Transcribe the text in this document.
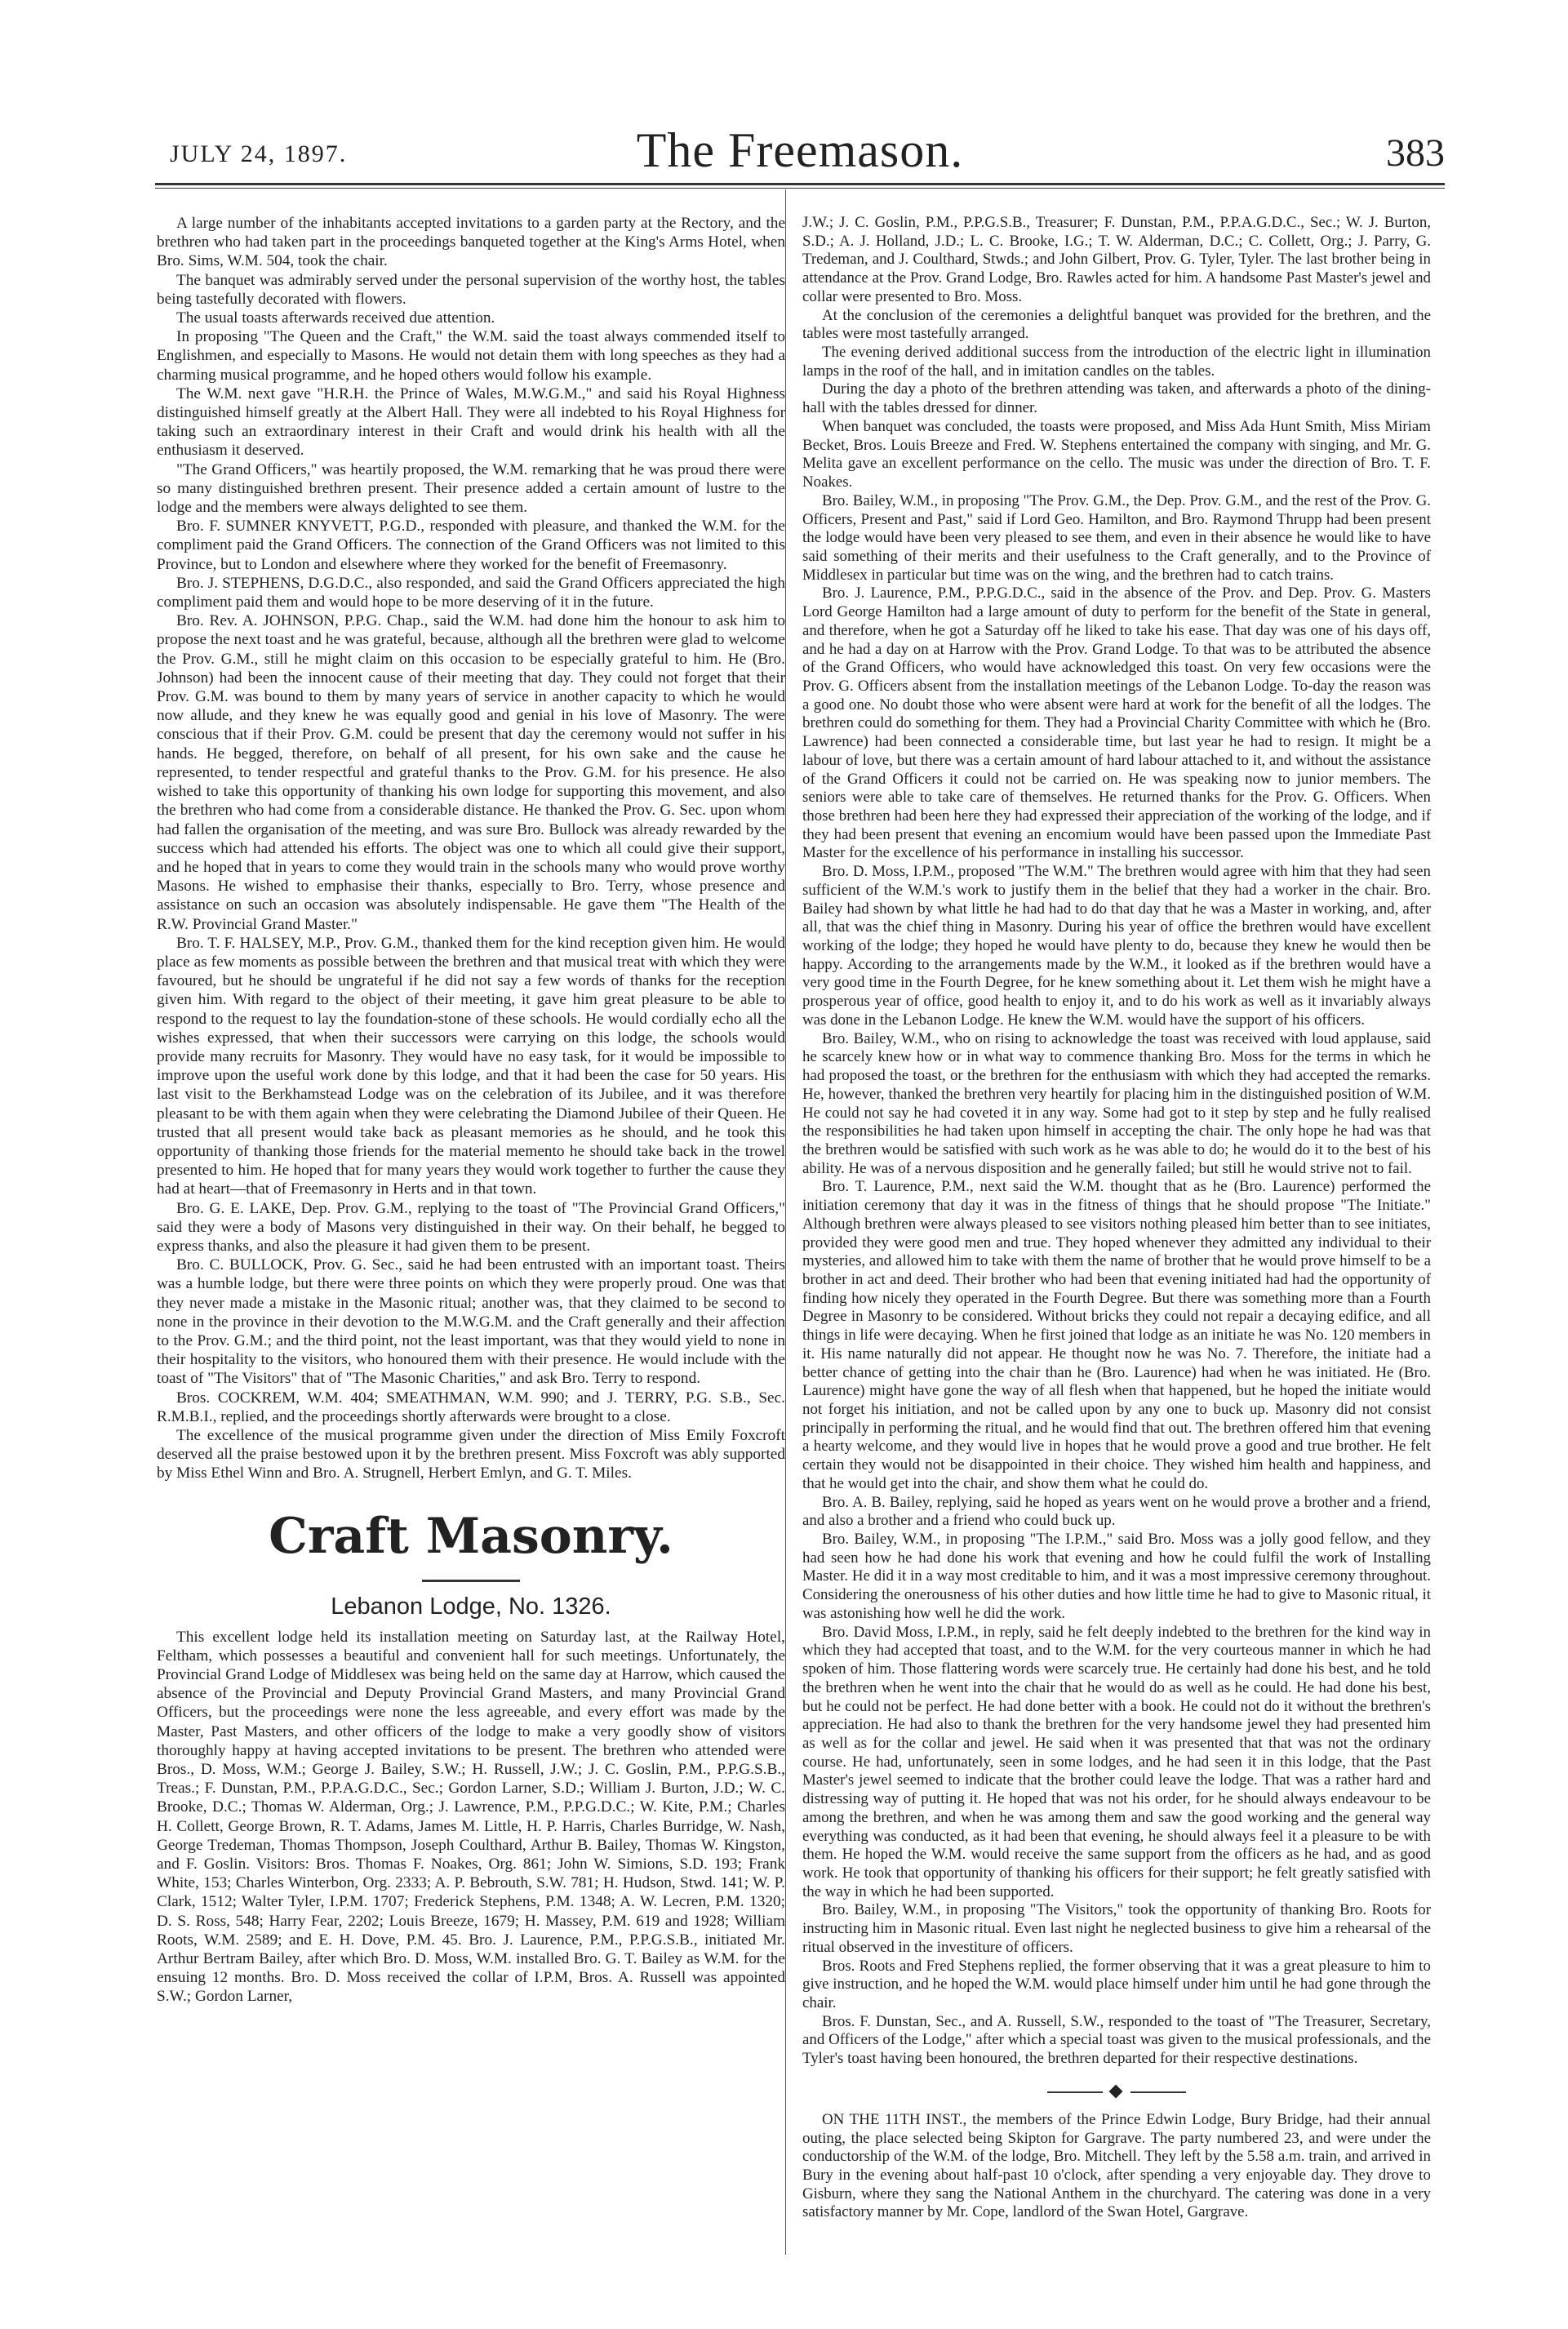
JULY 24, 1897.	The Freemason.	383

A large number of the inhabitants accepted invitations to a garden party at the Rectory, and the brethren who had taken part in the proceedings banqueted together at the King's Arms Hotel, when Bro. Sims, W.M. 504, took the chair.

The banquet was admirably served under the personal supervision of the worthy host, the tables being tastefully decorated with flowers.

The usual toasts afterwards received due attention.

In proposing "The Queen and the Craft," the W.M. said the toast always commended itself to Englishmen, and especially to Masons. He would not detain them with long speeches as they had a charming musical programme, and he hoped others would follow his example.

The W.M. next gave "H.R.H. the Prince of Wales, M.W.G.M.," and said his Royal Highness distinguished himself greatly at the Albert Hall. They were all indebted to his Royal Highness for taking such an extraordinary interest in their Craft and would drink his health with all the enthusiasm it deserved.

"The Grand Officers," was heartily proposed, the W.M. remarking that he was proud there were so many distinguished brethren present. Their presence added a certain amount of lustre to the lodge and the members were always delighted to see them.

Bro. F. SUMNER KNYVETT, P.G.D., responded with pleasure, and thanked the W.M. for the compliment paid the Grand Officers. The connection of the Grand Officers was not limited to this Province, but to London and elsewhere where they worked for the benefit of Freemasonry.

Bro. J. STEPHENS, D.G.D.C., also responded, and said the Grand Officers appreciated the high compliment paid them and would hope to be more deserving of it in the future.

Bro. Rev. A. JOHNSON, P.P.G. Chap., said the W.M. had done him the honour to ask him to propose the next toast and he was grateful, because, although all the brethren were glad to welcome the Prov. G.M., still he might claim on this occasion to be especially grateful to him. He (Bro. Johnson) had been the innocent cause of their meeting that day. They could not forget that their Prov. G.M. was bound to them by many years of service in another capacity to which he would now allude, and they knew he was equally good and genial in his love of Masonry. The were conscious that if their Prov. G.M. could be present that day the ceremony would not suffer in his hands. He begged, therefore, on behalf of all present, for his own sake and the cause he represented, to tender respectful and grateful thanks to the Prov. G.M. for his presence. He also wished to take this opportunity of thanking his own lodge for supporting this movement, and also the brethren who had come from a considerable distance. He thanked the Prov. G. Sec. upon whom had fallen the organisation of the meeting, and was sure Bro. Bullock was already rewarded by the success which had attended his efforts. The object was one to which all could give their support, and he hoped that in years to come they would train in the schools many who would prove worthy Masons. He wished to emphasise their thanks, especially to Bro. Terry, whose presence and assistance on such an occasion was absolutely indispensable. He gave them "The Health of the R.W. Provincial Grand Master."

Bro. T. F. HALSEY, M.P., Prov. G.M., thanked them for the kind reception given him. He would place as few moments as possible between the brethren and that musical treat with which they were favoured, but he should be ungrateful if he did not say a few words of thanks for the reception given him. With regard to the object of their meeting, it gave him great pleasure to be able to respond to the request to lay the foundation-stone of these schools. He would cordially echo all the wishes expressed, that when their successors were carrying on this lodge, the schools would provide many recruits for Masonry. They would have no easy task, for it would be impossible to improve upon the useful work done by this lodge, and that it had been the case for 50 years. His last visit to the Berkhamstead Lodge was on the celebration of its Jubilee, and it was therefore pleasant to be with them again when they were celebrating the Diamond Jubilee of their Queen. He trusted that all present would take back as pleasant memories as he should, and he took this opportunity of thanking those friends for the material memento he should take back in the trowel presented to him. He hoped that for many years they would work together to further the cause they had at heart—that of Freemasonry in Herts and in that town.

Bro. G. E. LAKE, Dep. Prov. G.M., replying to the toast of "The Provincial Grand Officers," said they were a body of Masons very distinguished in their way. On their behalf, he begged to express thanks, and also the pleasure it had given them to be present.

Bro. C. BULLOCK, Prov. G. Sec., said he had been entrusted with an important toast. Theirs was a humble lodge, but there were three points on which they were properly proud. One was that they never made a mistake in the Masonic ritual; another was, that they claimed to be second to none in the province in their devotion to the M.W.G.M. and the Craft generally and their affection to the Prov. G.M.; and the third point, not the least important, was that they would yield to none in their hospitality to the visitors, who honoured them with their presence. He would include with the toast of "The Visitors" that of "The Masonic Charities," and ask Bro. Terry to respond.

Bros. COCKREM, W.M. 404; SMEATHMAN, W.M. 990; and J. TERRY, P.G. S.B., Sec. R.M.B.I., replied, and the proceedings shortly afterwards were brought to a close.

The excellence of the musical programme given under the direction of Miss Emily Foxcroft deserved all the praise bestowed upon it by the brethren present. Miss Foxcroft was ably supported by Miss Ethel Winn and Bro. A. Strugnell, Herbert Emlyn, and G. T. Miles.

Craft Masonry.
Lebanon Lodge, No. 1326.

This excellent lodge held its installation meeting on Saturday last, at the Railway Hotel, Feltham, which possesses a beautiful and convenient hall for such meetings. Unfortunately, the Provincial Grand Lodge of Middlesex was being held on the same day at Harrow, which caused the absence of the Provincial and Deputy Provincial Grand Masters, and many Provincial Grand Officers, but the proceedings were none the less agreeable, and every effort was made by the Master, Past Masters, and other officers of the lodge to make a very goodly show of visitors thoroughly happy at having accepted invitations to be present. The brethren who attended were Bros., D. Moss, W.M.; George J. Bailey, S.W.; H. Russell, J.W.; J. C. Goslin, P.M., P.P.G.S.B., Treas.; F. Dunstan, P.M., P.P.A.G.D.C., Sec.; Gordon Larner, S.D.; William J. Burton, J.D.; W. C. Brooke, D.C.; Thomas W. Alderman, Org.; J. Lawrence, P.M., P.P.G.D.C.; W. Kite, P.M.; Charles H. Collett, George Brown, R. T. Adams, James M. Little, H. P. Harris, Charles Burridge, W. Nash, George Tredeman, Thomas Thompson, Joseph Coulthard, Arthur B. Bailey, Thomas W. Kingston, and F. Goslin. Visitors: Bros. Thomas F. Noakes, Org. 861; John W. Simions, S.D. 193; Frank White, 153; Charles Winterbon, Org. 2333; A. P. Bebrouth, S.W. 781; H. Hudson, Stwd. 141; W. P. Clark, 1512; Walter Tyler, I.P.M. 1707; Frederick Stephens, P.M. 1348; A. W. Lecren, P.M. 1320; D. S. Ross, 548; Harry Fear, 2202; Louis Breeze, 1679; H. Massey, P.M. 619 and 1928; William Roots, W.M. 2589; and E. H. Dove, P.M. 45. Bro. J. Laurence, P.M., P.P.G.S.B., initiated Mr. Arthur Bertram Bailey, after which Bro. D. Moss, W.M. installed Bro. G. T. Bailey as W.M. for the ensuing 12 months. Bro. D. Moss received the collar of I.P.M, Bros. A. Russell was appointed S.W.; Gordon Larner,

J.W.; J. C. Goslin, P.M., P.P.G.S.B., Treasurer; F. Dunstan, P.M., P.P.A.G.D.C., Sec.; W. J. Burton, S.D.; A. J. Holland, J.D.; L. C. Brooke, I.G.; T. W. Alderman, D.C.; C. Collett, Org.; J. Parry, G. Tredeman, and J. Coulthard, Stwds.; and John Gilbert, Prov. G. Tyler, Tyler. The last brother being in attendance at the Prov. Grand Lodge, Bro. Rawles acted for him. A handsome Past Master's jewel and collar were presented to Bro. Moss.

At the conclusion of the ceremonies a delightful banquet was provided for the brethren, and the tables were most tastefully arranged.

The evening derived additional success from the introduction of the electric light in illumination lamps in the roof of the hall, and in imitation candles on the tables.

During the day a photo of the brethren attending was taken, and afterwards a photo of the dining-hall with the tables dressed for dinner.

When banquet was concluded, the toasts were proposed, and Miss Ada Hunt Smith, Miss Miriam Becket, Bros. Louis Breeze and Fred. W. Stephens entertained the company with singing, and Mr. G. Melita gave an excellent performance on the cello. The music was under the direction of Bro. T. F. Noakes.

Bro. Bailey, W.M., in proposing "The Prov. G.M., the Dep. Prov. G.M., and the rest of the Prov. G. Officers, Present and Past," said if Lord Geo. Hamilton, and Bro. Raymond Thrupp had been present the lodge would have been very pleased to see them, and even in their absence he would like to have said something of their merits and their usefulness to the Craft generally, and to the Province of Middlesex in particular but time was on the wing, and the brethren had to catch trains.

Bro. J. Laurence, P.M., P.P.G.D.C., said in the absence of the Prov. and Dep. Prov. G. Masters Lord George Hamilton had a large amount of duty to perform for the benefit of the State in general, and therefore, when he got a Saturday off he liked to take his ease. That day was one of his days off, and he had a day on at Harrow with the Prov. Grand Lodge. To that was to be attributed the absence of the Grand Officers, who would have acknowledged this toast. On very few occasions were the Prov. G. Officers absent from the installation meetings of the Lebanon Lodge. To-day the reason was a good one. No doubt those who were absent were hard at work for the benefit of all the lodges. The brethren could do something for them. They had a Provincial Charity Committee with which he (Bro. Lawrence) had been connected a considerable time, but last year he had to resign. It might be a labour of love, but there was a certain amount of hard labour attached to it, and without the assistance of the Grand Officers it could not be carried on. He was speaking now to junior members. The seniors were able to take care of themselves. He returned thanks for the Prov. G. Officers. When those brethren had been here they had expressed their appreciation of the working of the lodge, and if they had been present that evening an encomium would have been passed upon the Immediate Past Master for the excellence of his performance in installing his successor.

Bro. D. Moss, I.P.M., proposed "The W.M." The brethren would agree with him that they had seen sufficient of the W.M.'s work to justify them in the belief that they had a worker in the chair. Bro. Bailey had shown by what little he had had to do that day that he was a Master in working, and, after all, that was the chief thing in Masonry. During his year of office the brethren would have excellent working of the lodge; they hoped he would have plenty to do, because they knew he would then be happy. According to the arrangements made by the W.M., it looked as if the brethren would have a very good time in the Fourth Degree, for he knew something about it. Let them wish he might have a prosperous year of office, good health to enjoy it, and to do his work as well as it invariably always was done in the Lebanon Lodge. He knew the W.M. would have the support of his officers.

Bro. Bailey, W.M., who on rising to acknowledge the toast was received with loud applause, said he scarcely knew how or in what way to commence thanking Bro. Moss for the terms in which he had proposed the toast, or the brethren for the enthusiasm with which they had accepted the remarks. He, however, thanked the brethren very heartily for placing him in the distinguished position of W.M. He could not say he had coveted it in any way. Some had got to it step by step and he fully realised the responsibilities he had taken upon himself in accepting the chair. The only hope he had was that the brethren would be satisfied with such work as he was able to do; he would do it to the best of his ability. He was of a nervous disposition and he generally failed; but still he would strive not to fail.

Bro. T. Laurence, P.M., next said the W.M. thought that as he (Bro. Laurence) performed the initiation ceremony that day it was in the fitness of things that he should propose "The Initiate." Although brethren were always pleased to see visitors nothing pleased him better than to see initiates, provided they were good men and true. They hoped whenever they admitted any individual to their mysteries, and allowed him to take with them the name of brother that he would prove himself to be a brother in act and deed. Their brother who had been that evening initiated had had the opportunity of finding how nicely they operated in the Fourth Degree. But there was something more than a Fourth Degree in Masonry to be considered. Without bricks they could not repair a decaying edifice, and all things in life were decaying. When he first joined that lodge as an initiate he was No. 120 members in it. His name naturally did not appear. He thought now he was No. 7. Therefore, the initiate had a better chance of getting into the chair than he (Bro. Laurence) had when he was initiated. He (Bro. Laurence) might have gone the way of all flesh when that happened, but he hoped the initiate would not forget his initiation, and not be called upon by any one to buck up. Masonry did not consist principally in performing the ritual, and he would find that out. The brethren offered him that evening a hearty welcome, and they would live in hopes that he would prove a good and true brother. He felt certain they would not be disappointed in their choice. They wished him health and happiness, and that he would get into the chair, and show them what he could do.

Bro. A. B. Bailey, replying, said he hoped as years went on he would prove a brother and a friend, and also a brother and a friend who could buck up.

Bro. Bailey, W.M., in proposing "The I.P.M.," said Bro. Moss was a jolly good fellow, and they had seen how he had done his work that evening and how he could fulfil the work of Installing Master. He did it in a way most creditable to him, and it was a most impressive ceremony throughout. Considering the onerousness of his other duties and how little time he had to give to Masonic ritual, it was astonishing how well he did the work.

Bro. David Moss, I.P.M., in reply, said he felt deeply indebted to the brethren for the kind way in which they had accepted that toast, and to the W.M. for the very courteous manner in which he had spoken of him. Those flattering words were scarcely true. He certainly had done his best, and he told the brethren when he went into the chair that he would do as well as he could. He had done his best, but he could not be perfect. He had done better with a book. He could not do it without the brethren's appreciation. He had also to thank the brethren for the very handsome jewel they had presented him as well as for the collar and jewel. He said when it was presented that that was not the ordinary course. He had, unfortunately, seen in some lodges, and he had seen it in this lodge, that the Past Master's jewel seemed to indicate that the brother could leave the lodge. That was a rather hard and distressing way of putting it. He hoped that was not his order, for he should always endeavour to be among the brethren, and when he was among them and saw the good working and the general way everything was conducted, as it had been that evening, he should always feel it a pleasure to be with them. He hoped the W.M. would receive the same support from the officers as he had, and as good work. He took that opportunity of thanking his officers for their support; he felt greatly satisfied with the way in which he had been supported.

Bro. Bailey, W.M., in proposing "The Visitors," took the opportunity of thanking Bro. Roots for instructing him in Masonic ritual. Even last night he neglected business to give him a rehearsal of the ritual observed in the investiture of officers.

Bros. Roots and Fred Stephens replied, the former observing that it was a great pleasure to him to give instruction, and he hoped the W.M. would place himself under him until he had gone through the chair.

Bros. F. Dunstan, Sec., and A. Russell, S.W., responded to the toast of "The Treasurer, Secretary, and Officers of the Lodge," after which a special toast was given to the musical professionals, and the Tyler's toast having been honoured, the brethren departed for their respective destinations.

ON THE 11TH INST., the members of the Prince Edwin Lodge, Bury Bridge, had their annual outing, the place selected being Skipton for Gargrave. The party numbered 23, and were under the conductorship of the W.M. of the lodge, Bro. Mitchell. They left by the 5.58 a.m. train, and arrived in Bury in the evening about half-past 10 o'clock, after spending a very enjoyable day. They drove to Gisburn, where they sang the National Anthem in the churchyard. The catering was done in a very satisfactory manner by Mr. Cope, landlord of the Swan Hotel, Gargrave.
